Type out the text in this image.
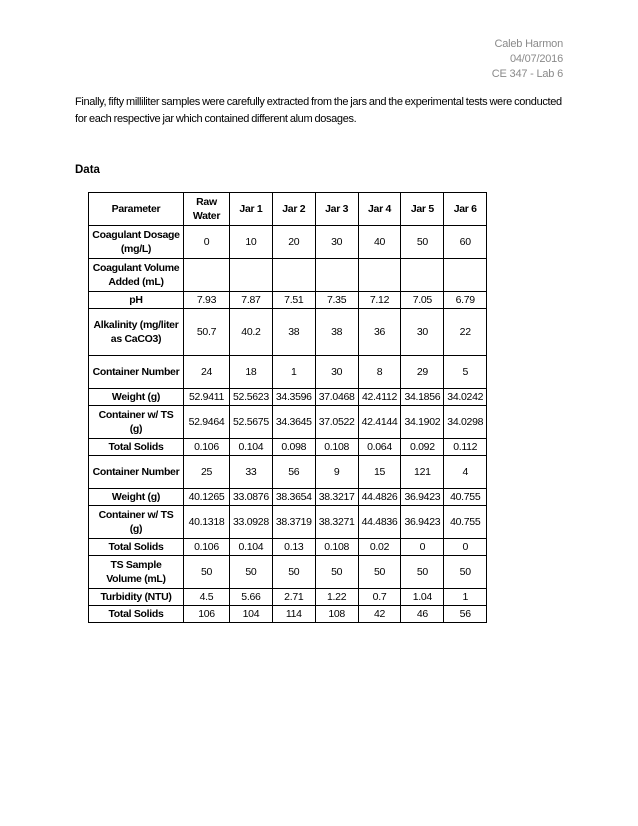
Caleb Harmon
04/07/2016
CE 347 - Lab 6

Finally, fifty milliliter samples were carefully extracted from the jars and the experimental tests were conducted for each respective jar which contained different alum dosages.

Data
Parameter	Raw Water	Jar 1	Jar 2	Jar 3	Jar 4	Jar 5	Jar 6
Coagulant Dosage (mg/L)	0	10	20	30	40	50	60
Coagulant Volume Added (mL)							
pH	7.93	7.87	7.51	7.35	7.12	7.05	6.79
Alkalinity (mg/liter as CaCO3)	50.7	40.2	38	38	36	30	22
Container Number	24	18	1	30	8	29	5
Weight (g)	52.9411	52.5623	34.3596	37.0468	42.4112	34.1856	34.0242
Container w/ TS (g)	52.9464	52.5675	34.3645	37.0522	42.4144	34.1902	34.0298
Total Solids	0.106	0.104	0.098	0.108	0.064	0.092	0.112
Container Number	25	33	56	9	15	121	4
Weight (g)	40.1265	33.0876	38.3654	38.3217	44.4826	36.9423	40.755
Container w/ TS (g)	40.1318	33.0928	38.3719	38.3271	44.4836	36.9423	40.755
Total Solids	0.106	0.104	0.13	0.108	0.02	0	0
TS Sample Volume (mL)	50	50	50	50	50	50	50
Turbidity (NTU)	4.5	5.66	2.71	1.22	0.7	1.04	1
Total Solids	106	104	114	108	42	46	56
